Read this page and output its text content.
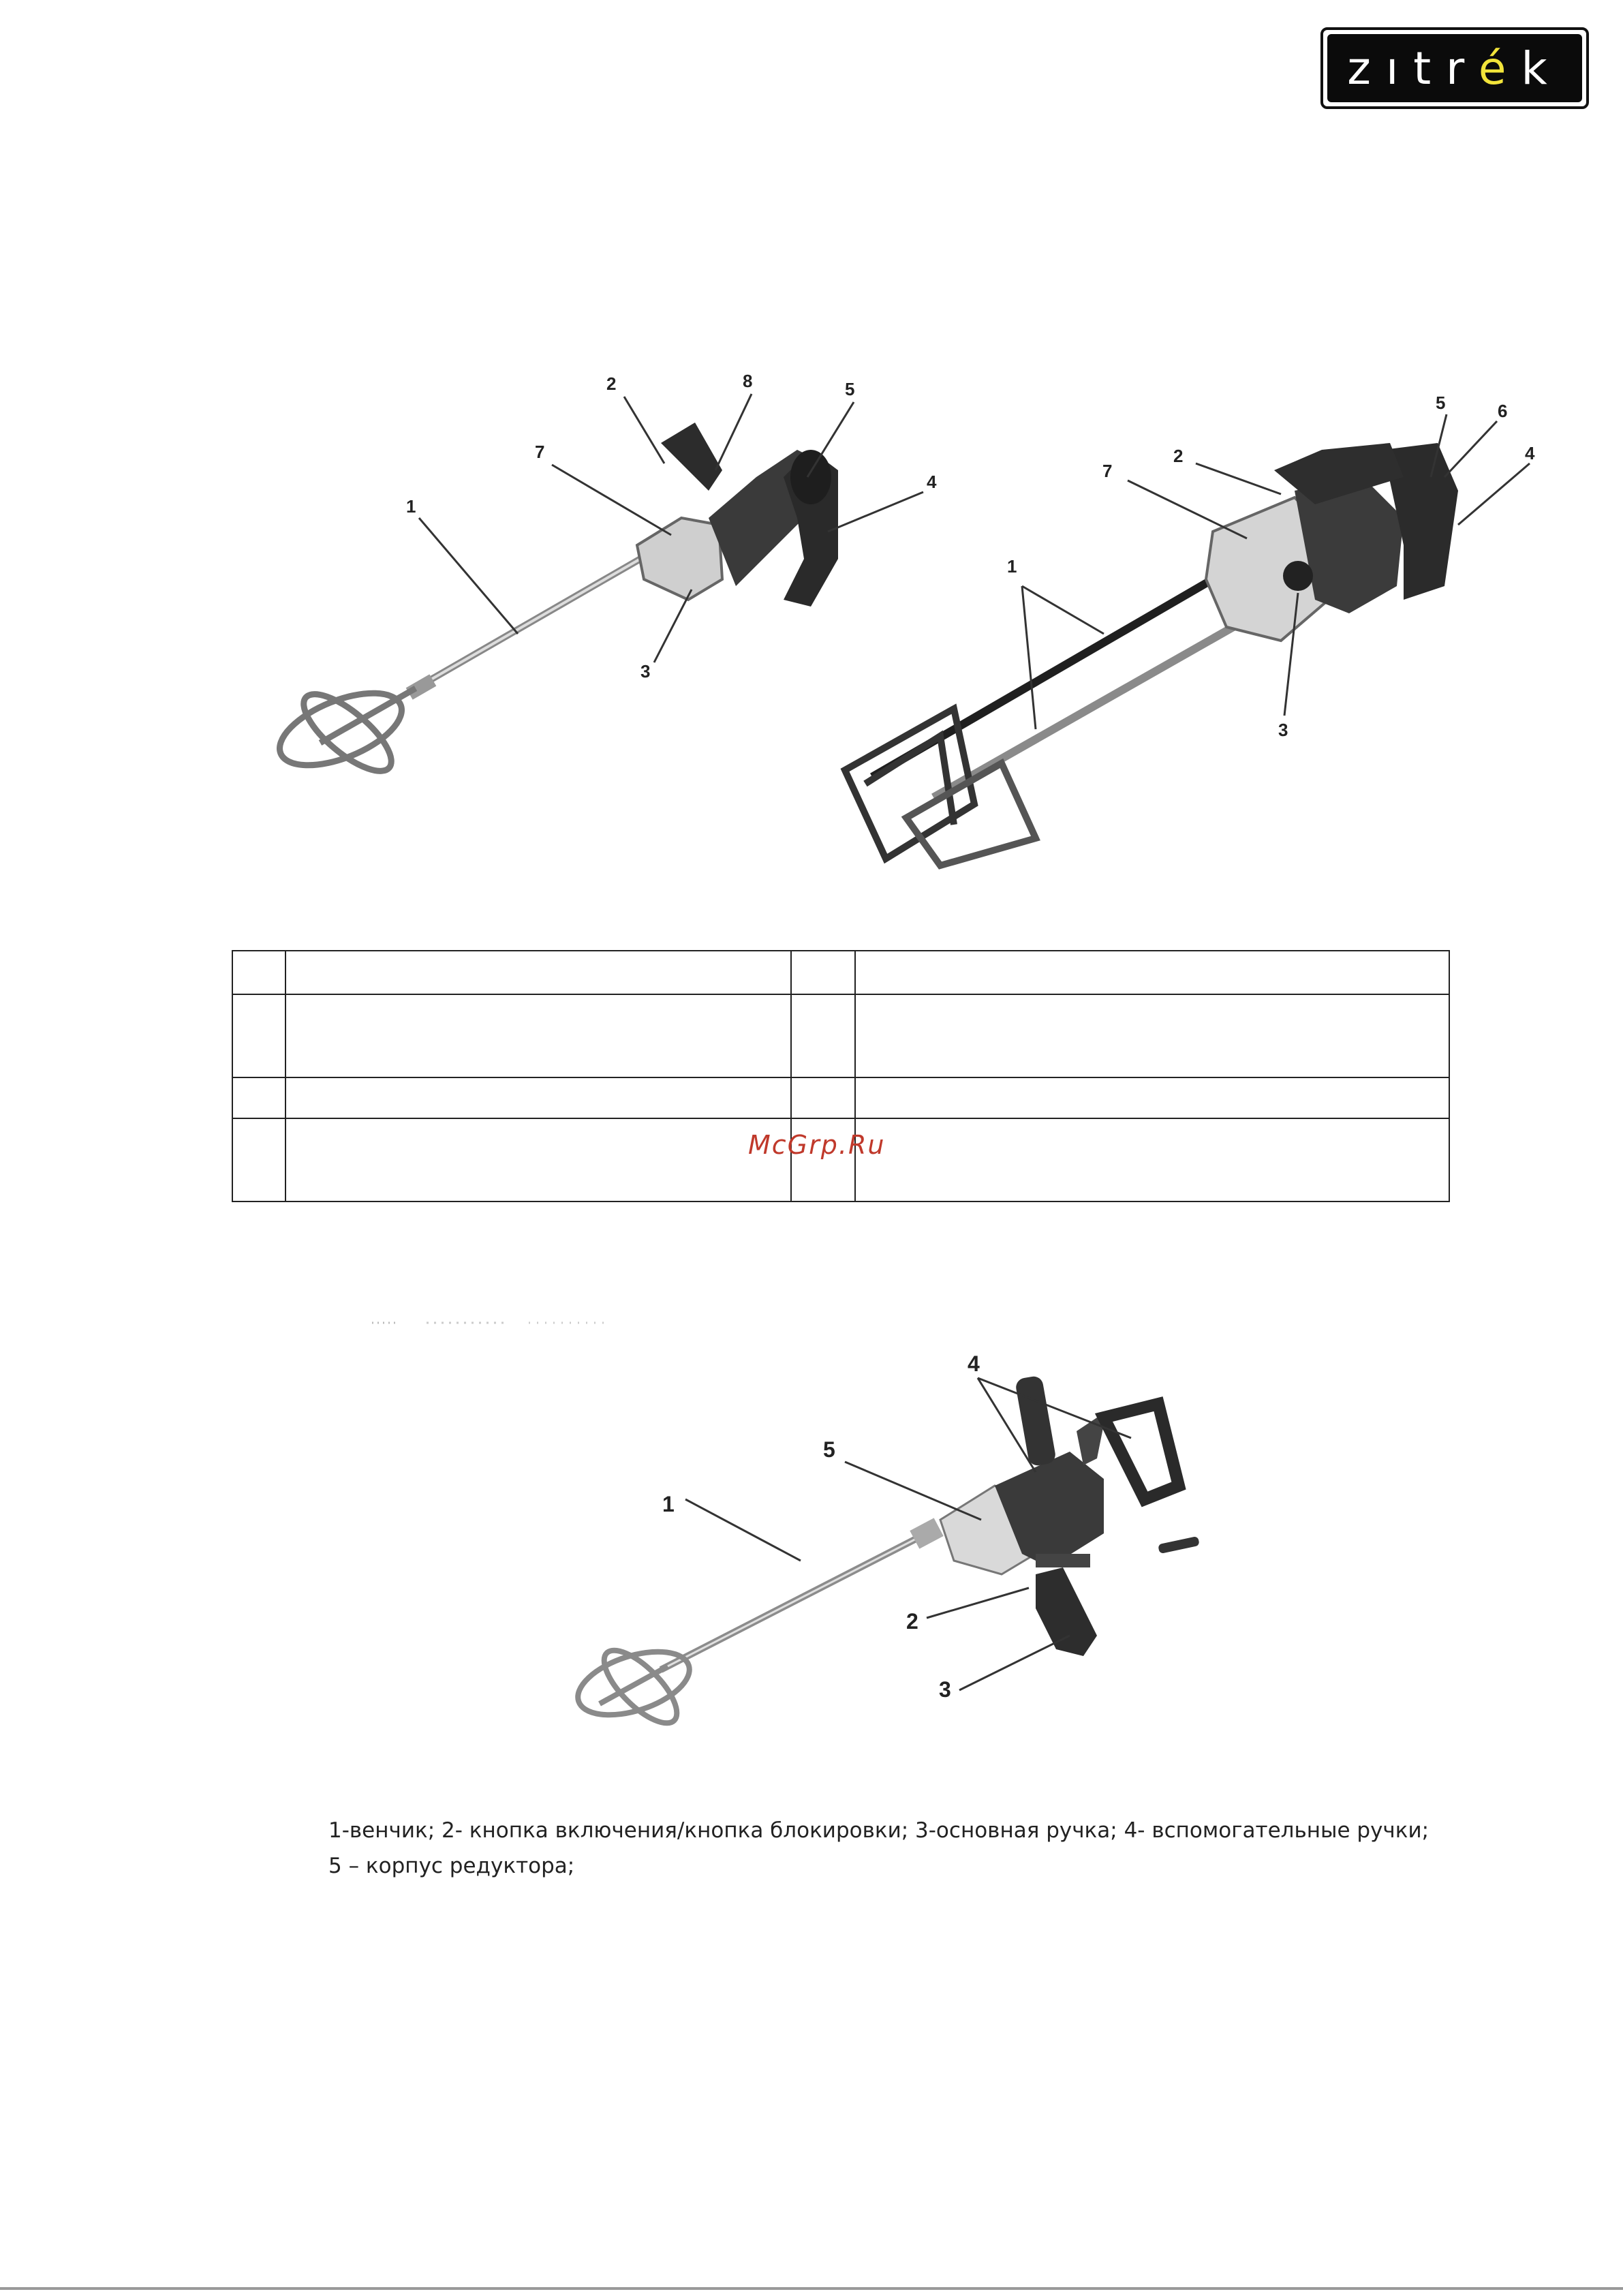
zıtrék
1
2	8	5
7
4
3
5	6
4
2
7
1
3

McGrp.Ru
4
5
1
2
3
1-венчик; 2- кнопка включения/кнопка блокировки; 3-основная ручка; 4- вспомогательные ручки;
5 – корпус редуктора;
